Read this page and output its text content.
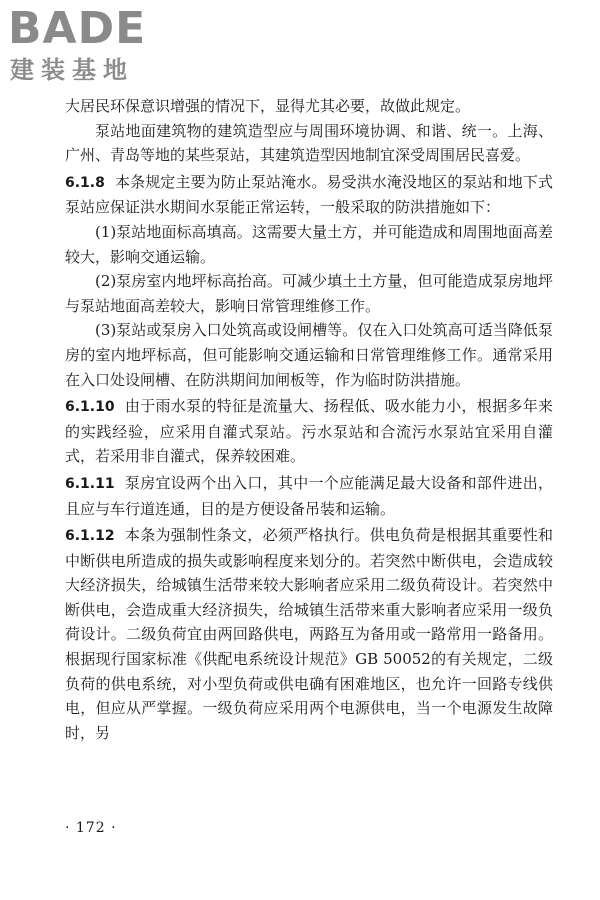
BADE
建装基地

大居民环保意识增强的情况下，显得尤其必要，故做此规定。

泵站地面建筑物的建筑造型应与周围环境协调、和谐、统一。上海、广州、青岛等地的某些泵站，其建筑造型因地制宜深受周围居民喜爱。

6.1.8 本条规定主要为防止泵站淹水。易受洪水淹没地区的泵站和地下式泵站应保证洪水期间水泵能正常运转，一般采取的防洪措施如下：

(1)泵站地面标高填高。这需要大量土方，并可能造成和周围地面高差较大，影响交通运输。

(2)泵房室内地坪标高抬高。可减少填土土方量，但可能造成泵房地坪与泵站地面高差较大，影响日常管理维修工作。

(3)泵站或泵房入口处筑高或设闸槽等。仅在入口处筑高可适当降低泵房的室内地坪标高，但可能影响交通运输和日常管理维修工作。通常采用在入口处设闸槽、在防洪期间加闸板等，作为临时防洪措施。

6.1.10 由于雨水泵的特征是流量大、扬程低、吸水能力小，根据多年来的实践经验，应采用自灌式泵站。污水泵站和合流污水泵站宜采用自灌式，若采用非自灌式，保养较困难。

6.1.11 泵房宜设两个出入口，其中一个应能满足最大设备和部件进出，且应与车行道连通，目的是方便设备吊装和运输。

6.1.12 本条为强制性条文，必须严格执行。供电负荷是根据其重要性和中断供电所造成的损失或影响程度来划分的。若突然中断供电，会造成较大经济损失，给城镇生活带来较大影响者应采用二级负荷设计。若突然中断供电，会造成重大经济损失，给城镇生活带来重大影响者应采用一级负荷设计。二级负荷宜由两回路供电，两路互为备用或一路常用一路备用。根据现行国家标准《供配电系统设计规范》GB 50052的有关规定，二级负荷的供电系统，对小型负荷或供电确有困难地区，也允许一回路专线供电，但应从严掌握。一级负荷应采用两个电源供电，当一个电源发生故障时，另

· 172 ·
